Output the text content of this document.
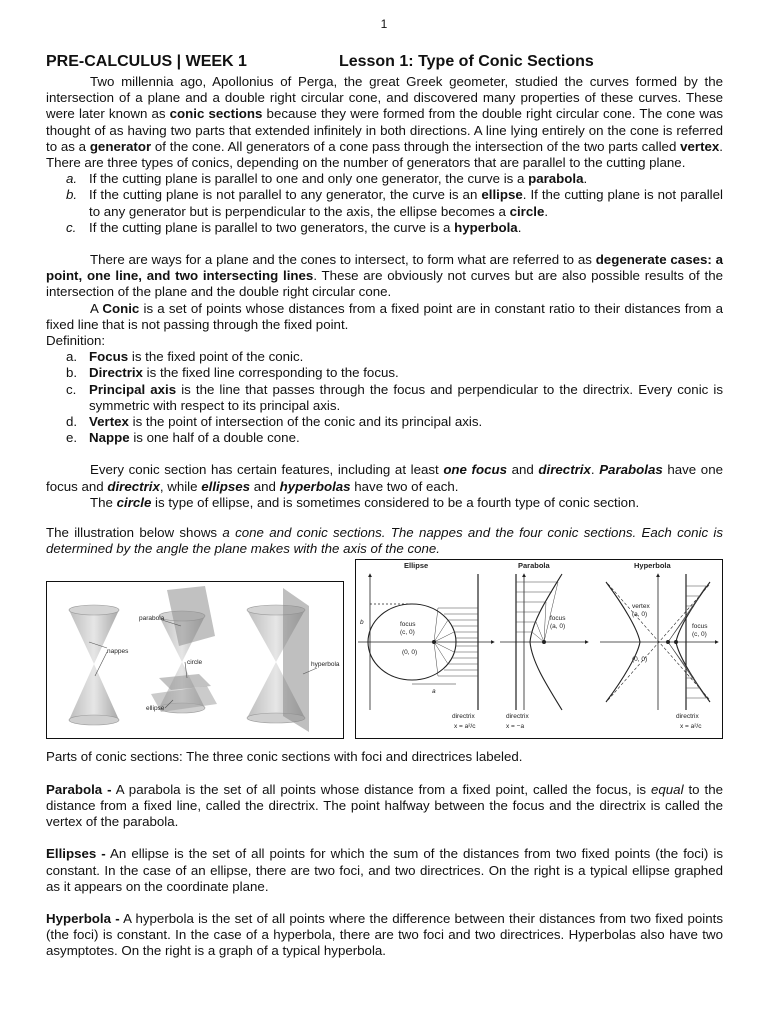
1
PRE-CALCULUS | WEEK 1	Lesson 1: Type of Conic Sections

Two millennia ago, Apollonius of Perga, the great Greek geometer, studied the curves formed by the intersection of a plane and a double right circular cone, and discovered many properties of these curves. These were later known as conic sections because they were formed from the double right circular cone. The cone was thought of as having two parts that extended infinitely in both directions. A line lying entirely on the cone is referred to as a generator of the cone. All generators of a cone pass through the intersection of the two parts called vertex. There are three types of conics, depending on the number of generators that are parallel to the cutting plane.

a. If the cutting plane is parallel to one and only one generator, the curve is a parabola.
b. If the cutting plane is not parallel to any generator, the curve is an ellipse. If the cutting plane is not parallel to any generator but is perpendicular to the axis, the ellipse becomes a circle.
c. If the cutting plane is parallel to two generators, the curve is a hyperbola.

There are ways for a plane and the cones to intersect, to form what are referred to as degenerate cases: a point, one line, and two intersecting lines. These are obviously not curves but are also possible results of the intersection of the plane and the double right circular cone.

A Conic is a set of points whose distances from a fixed point are in constant ratio to their distances from a fixed line that is not passing through the fixed point.

Definition:

a. Focus is the fixed point of the conic.
b. Directrix is the fixed line corresponding to the focus.
c. Principal axis is the line that passes through the focus and perpendicular to the directrix. Every conic is symmetric with respect to its principal axis.
d. Vertex is the point of intersection of the conic and its principal axis.
e. Nappe is one half of a double cone.

Every conic section has certain features, including at least one focus and directrix. Parabolas have one focus and directrix, while ellipses and hyperbolas have two of each.

The circle is type of ellipse, and is sometimes considered to be a fourth type of conic section.

The illustration below shows a cone and conic sections. The nappes and the four conic sections. Each conic is determined by the angle the plane makes with the axis of the cone.

parabola
nappes
circle
ellipse
hyperbola
Ellipse	Parabola	Hyperbola
b	focus
(c, 0)
(0, 0)
a
directrix
x = a²/c
focus
(a, 0)
directrix
x = −a
vertex
(a, 0)
focus
(c, 0)
(0, 0)
directrix
x = a²/c

Parts of conic sections: The three conic sections with foci and directrices labeled.

Parabola - A parabola is the set of all points whose distance from a fixed point, called the focus, is equal to the distance from a fixed line, called the directrix. The point halfway between the focus and the directrix is called the vertex of the parabola.

Ellipses - An ellipse is the set of all points for which the sum of the distances from two fixed points (the foci) is constant. In the case of an ellipse, there are two foci, and two directrices. On the right is a typical ellipse graphed as it appears on the coordinate plane.

Hyperbola - A hyperbola is the set of all points where the difference between their distances from two fixed points (the foci) is constant. In the case of a hyperbola, there are two foci and two directrices. Hyperbolas also have two asymptotes. On the right is a graph of a typical hyperbola.
